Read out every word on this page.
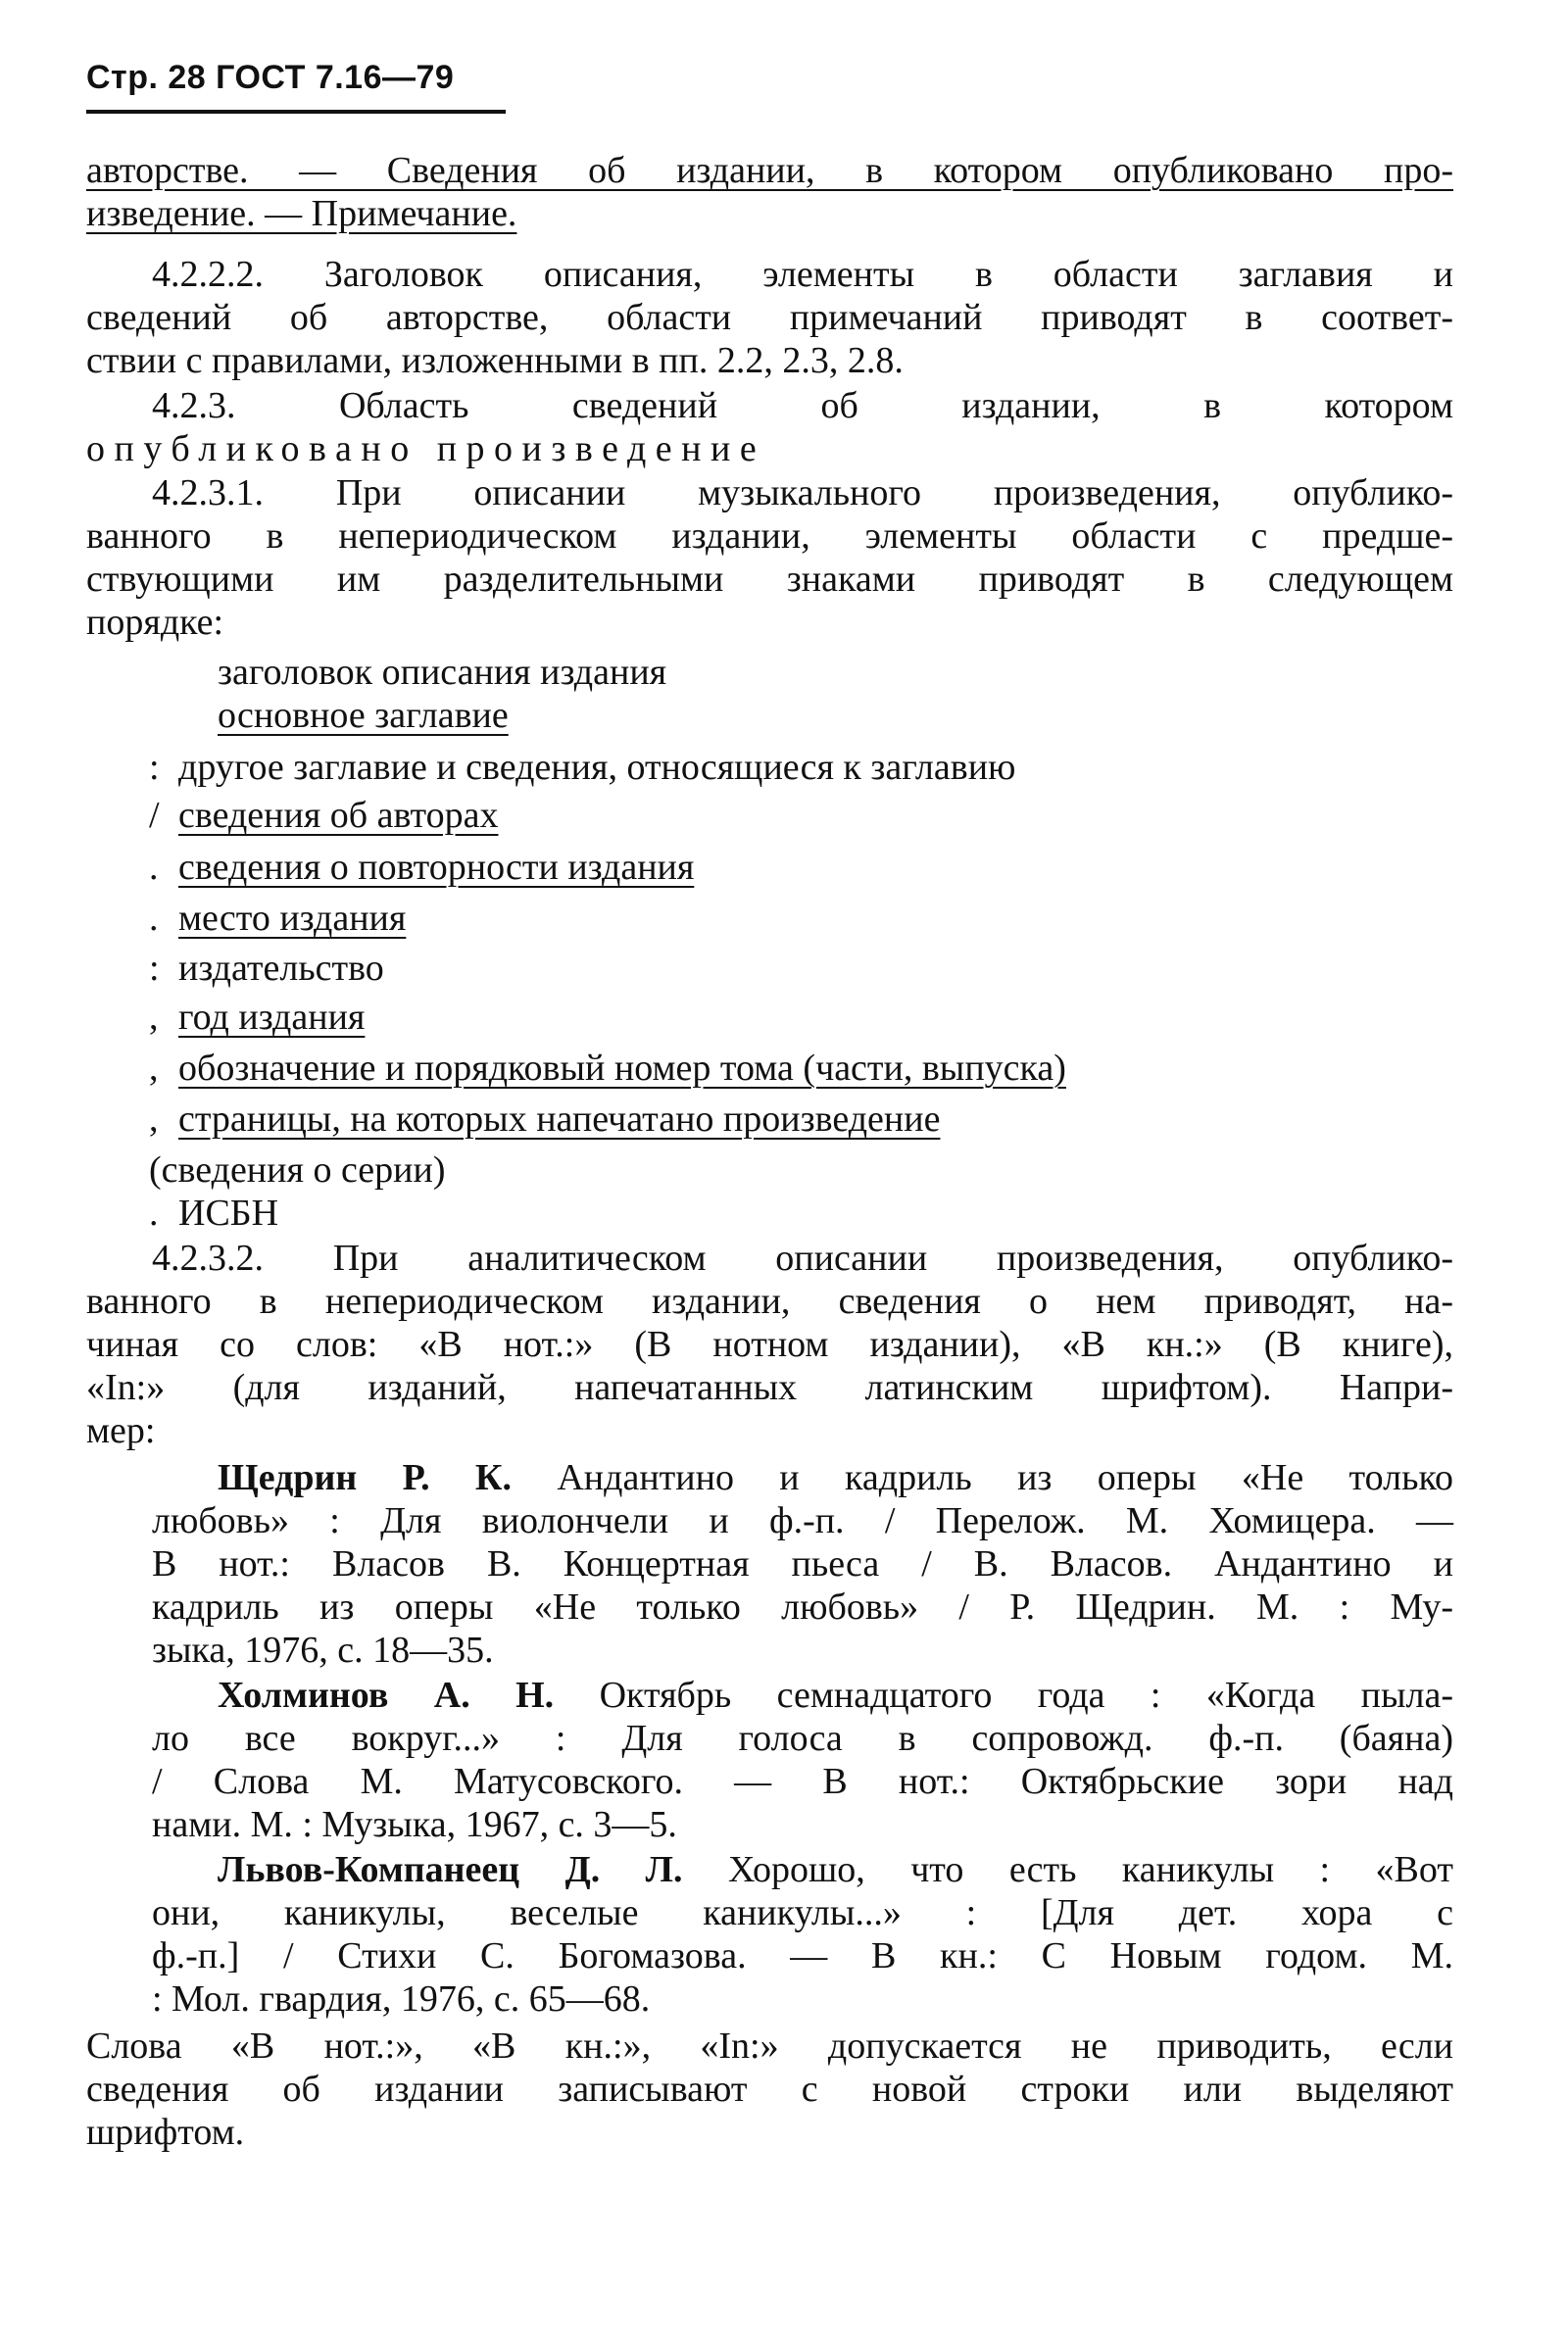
Стр. 28 ГОСТ 7.16—79
авторстве. — Сведения об издании, в котором опубликовано про-
изведение. — Примечание.
4.2.2.2. Заголовок описания, элементы в области заглавия и
сведений об авторстве, области примечаний приводят в соответ-
ствии с правилами, изложенными в пп. 2.2, 2.3, 2.8.
4.2.3. Область сведений об издании, в котором
опубликовано произведение
4.2.3.1. При описании музыкального произведения, опублико-
ванного в непериодическом издании, элементы области с предше-
ствующими им разделительными знаками приводят в следующем
порядке:
заголовок описания издания
основное заглавие
: другое заглавие и сведения, относящиеся к заглавию
/ сведения об авторах
. сведения о повторности издания
. место издания
: издательство
, год издания
, обозначение и порядковый номер тома (части, выпуска)
, страницы, на которых напечатано произведение
(сведения о серии)
. ИСБН
4.2.3.2. При аналитическом описании произведения, опублико-
ванного в непериодическом издании, сведения о нем приводят, на-
чиная со слов: «В нот.:» (В нотном издании), «В кн.:» (В книге),
«In:» (для изданий, напечатанных латинским шрифтом). Напри-
мер:
Щедрин Р. К. Андантино и кадриль из оперы «Не только
любовь» : Для виолончели и ф.-п. / Перелож. М. Хомицера. —
В нот.: Власов В. Концертная пьеса / В. Власов. Андантино и
кадриль из оперы «Не только любовь» / Р. Щедрин. М. : Му-
зыка, 1976, с. 18—35.
Холминов А. Н. Октябрь семнадцатого года : «Когда пыла-
ло все вокруг...» : Для голоса в сопровожд. ф.-п. (баяна)
/ Слова М. Матусовского. — В нот.: Октябрьские зори над
нами. М. : Музыка, 1967, с. 3—5.
Львов-Компанеец Д. Л. Хорошо, что есть каникулы : «Вот
они, каникулы, веселые каникулы...» : [Для дет. хора с
ф.-п.] / Стихи С. Богомазова. — В кн.: С Новым годом. М.
: Мол. гвардия, 1976, с. 65—68.
Слова «В нот.:», «В кн.:», «In:» допускается не приводить, если
сведения об издании записывают с новой строки или выделяют
шрифтом.
